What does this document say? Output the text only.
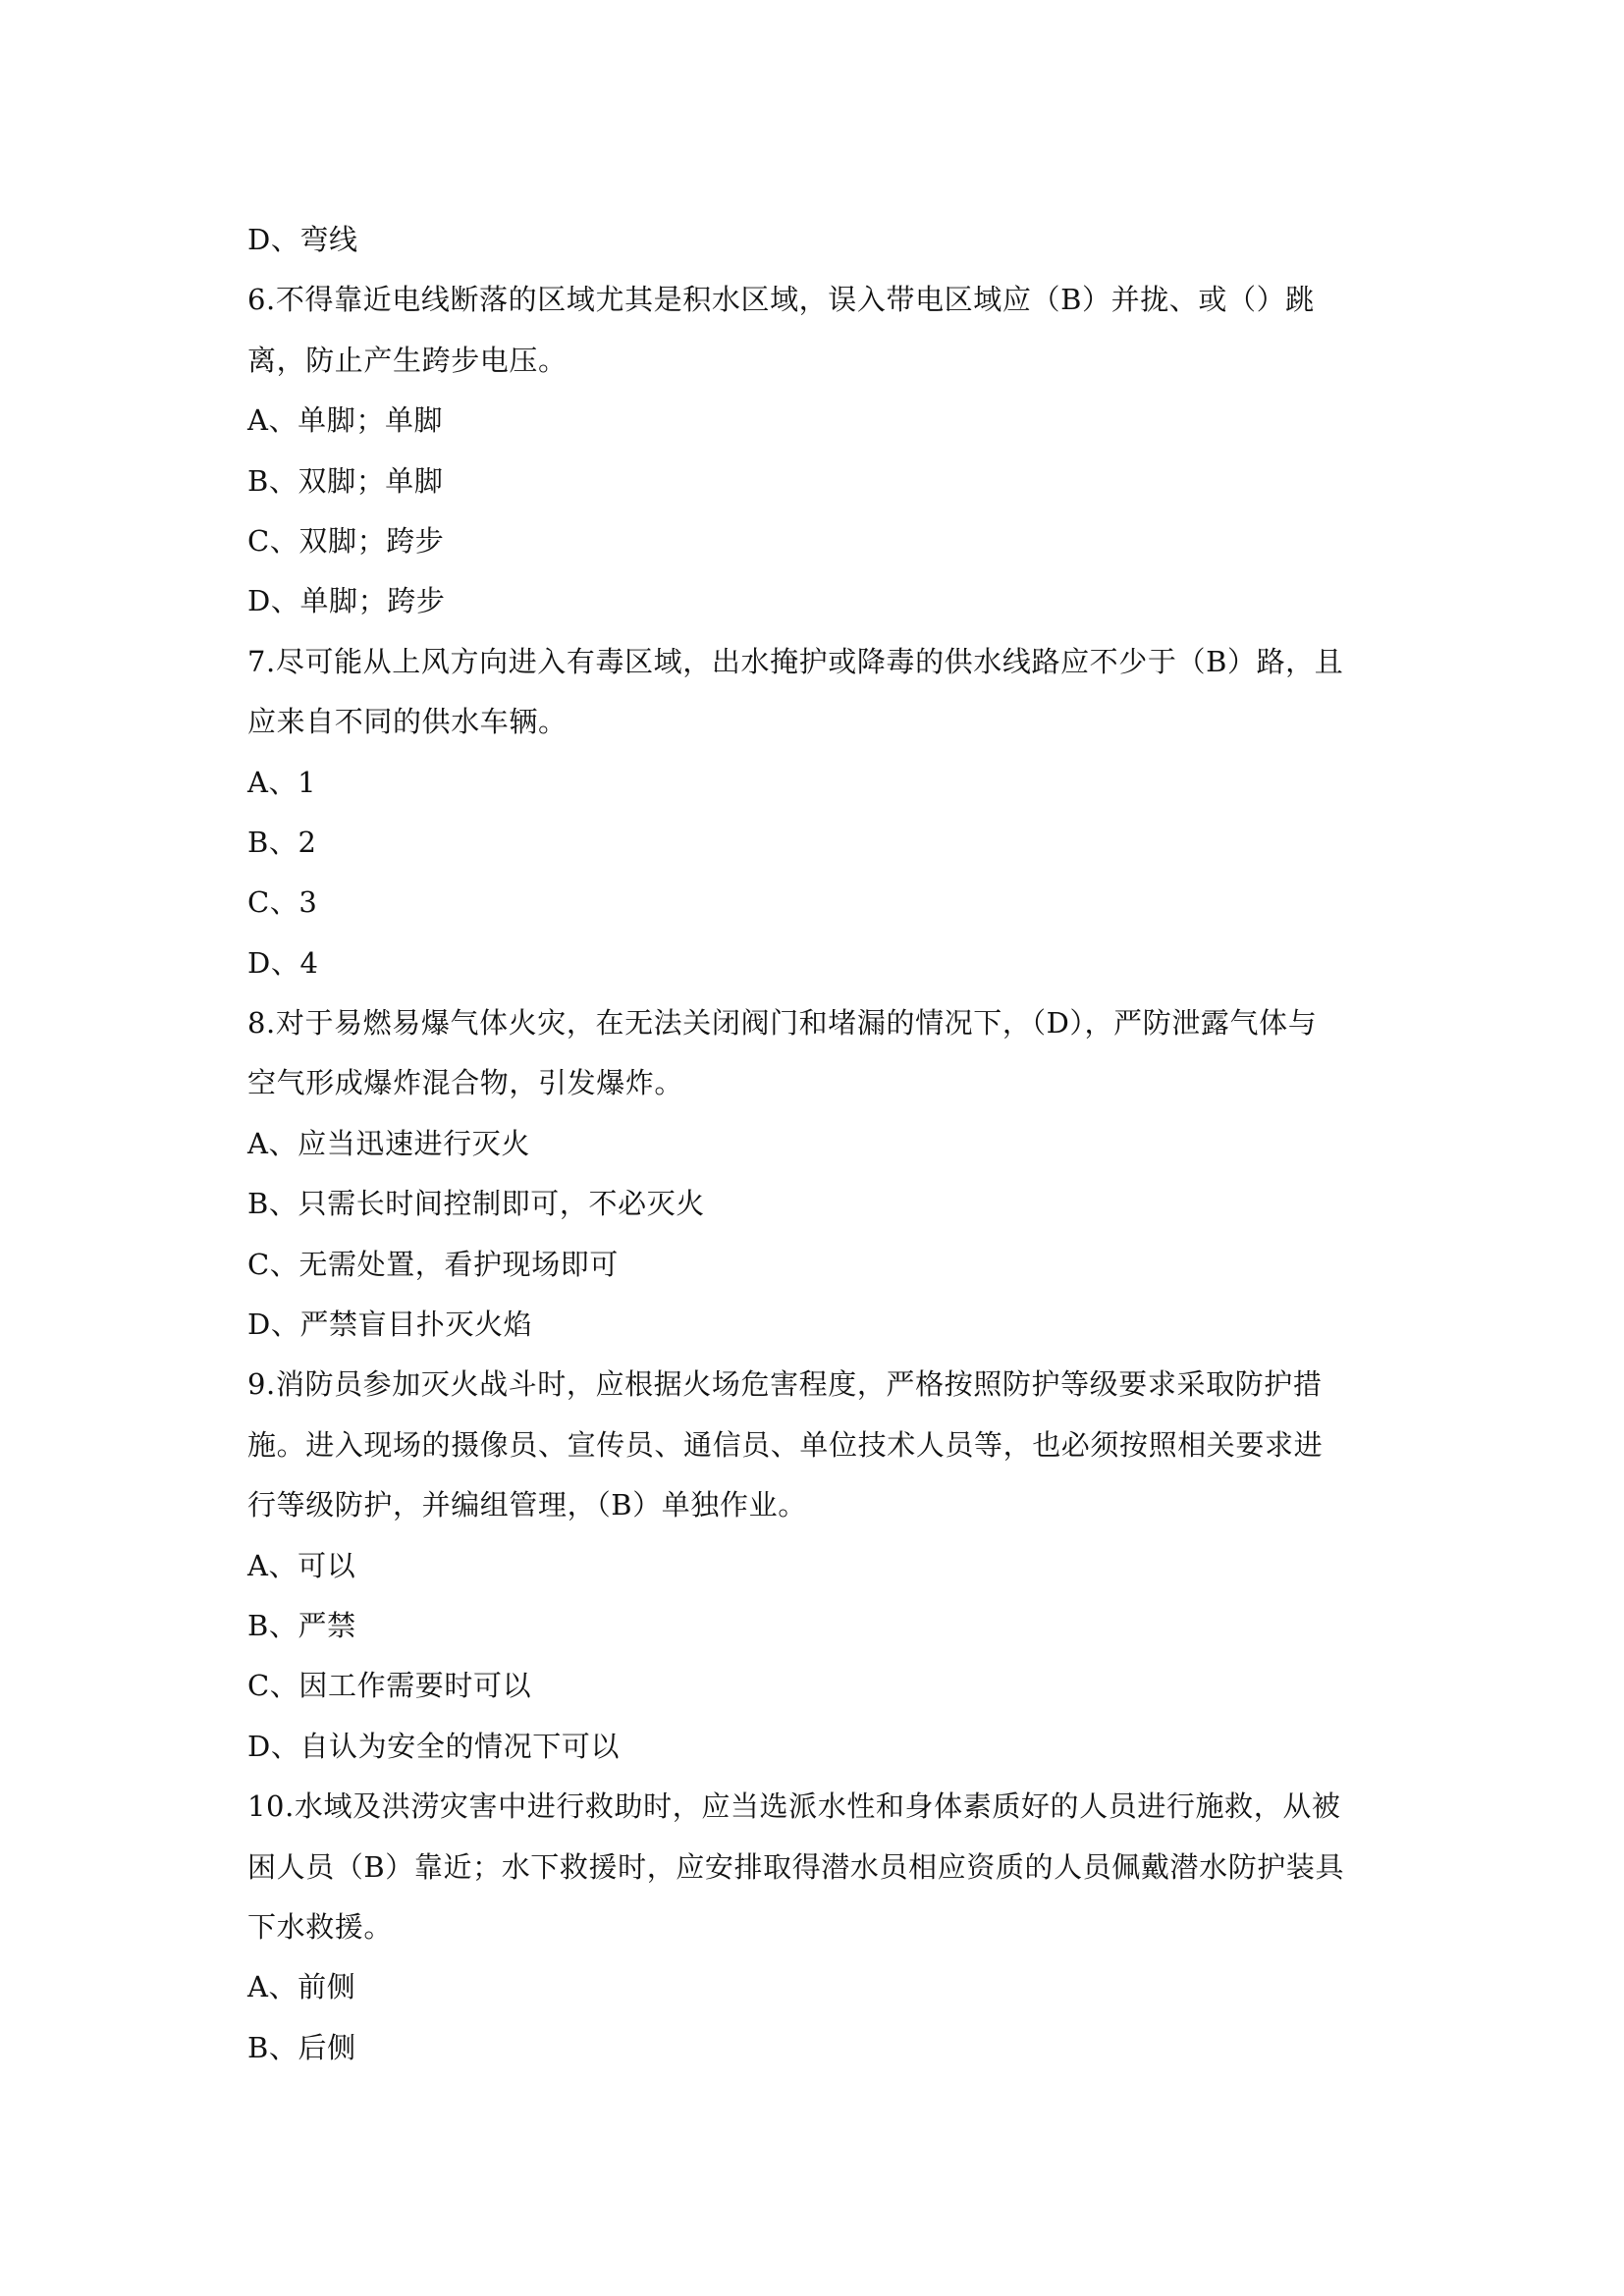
D、弯线
6.不得靠近电线断落的区域尤其是积水区域，误入带电区域应（B）并拢、或（）跳
离，防止产生跨步电压。
A、单脚；单脚
B、双脚；单脚
C、双脚；跨步
D、单脚；跨步
7.尽可能从上风方向进入有毒区域，出水掩护或降毒的供水线路应不少于（B）路，且
应来自不同的供水车辆。
A、1
B、2
C、3
D、4
8.对于易燃易爆气体火灾，在无法关闭阀门和堵漏的情况下，（D），严防泄露气体与
空气形成爆炸混合物，引发爆炸。
A、应当迅速进行灭火
B、只需长时间控制即可，不必灭火
C、无需处置，看护现场即可
D、严禁盲目扑灭火焰
9.消防员参加灭火战斗时，应根据火场危害程度，严格按照防护等级要求采取防护措
施。进入现场的摄像员、宣传员、通信员、单位技术人员等，也必须按照相关要求进
行等级防护，并编组管理，（B）单独作业。
A、可以
B、严禁
C、因工作需要时可以
D、自认为安全的情况下可以
10.水域及洪涝灾害中进行救助时，应当选派水性和身体素质好的人员进行施救，从被
困人员（B）靠近；水下救援时，应安排取得潜水员相应资质的人员佩戴潜水防护装具
下水救援。
A、前侧
B、后侧
